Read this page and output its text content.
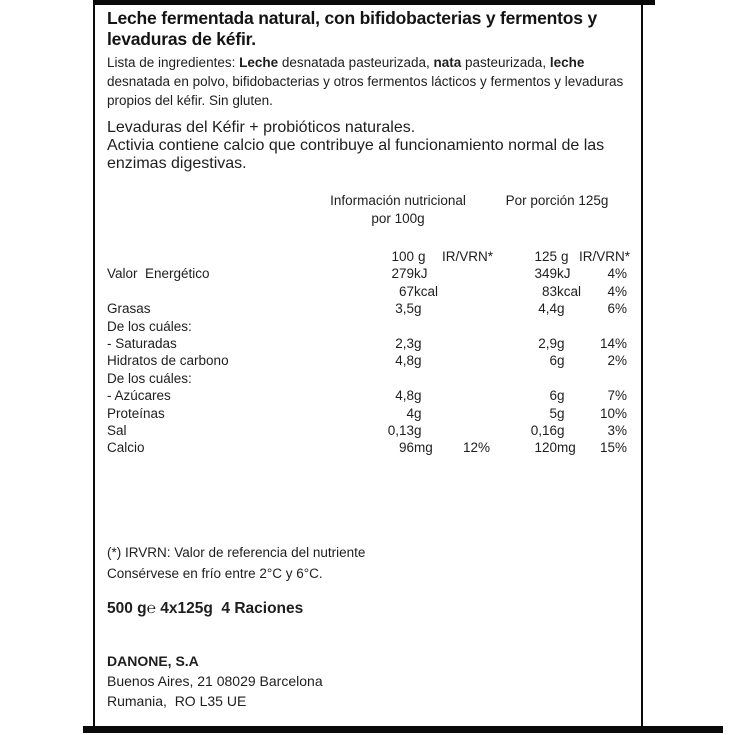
Leche fermentada natural, con bifidobacterias y fermentos y
levaduras de kéfir.

Lista de ingredientes: Leche desnatada pasteurizada, nata pasteurizada, leche desnatada en polvo, bifidobacterias y otros fermentos lácticos y fermentos y levaduras propios del kéfir. Sin gluten.

Levaduras del Kéfir + probióticos naturales.
Activia contiene calcio que contribuye al funcionamiento normal de las enzimas digestivas.

Información nutricional
por 100g
Por porción 125g
	100	g	IR/VRN*	125	g	IR/VRN*
Valor  Energético	279	kJ		349	kJ	4%
	67	kcal		83	kcal	4%
Grasas	3,5	g		4,4	g	6%
De los cuáles:						
- Saturadas	2,3	g		2,9	g	14%
Hidratos de carbono	4,8	g		6	g	2%
De los cuáles:						
- Azúcares	4,8	g		6	g	7%
Proteínas	4	g		5	g	10%
Sal	0,13	g		0,16	g	3%
Calcio	96	mg	12%	120	mg	15%
(*) IRVRN: Valor de referencia del nutriente
Consérvese en frío entre 2°C y 6°C.
500 g℮ 4x125g  4 Raciones
DANONE, S.A
Buenos Aires, 21 08029 Barcelona
Rumania,  RO L35 UE
